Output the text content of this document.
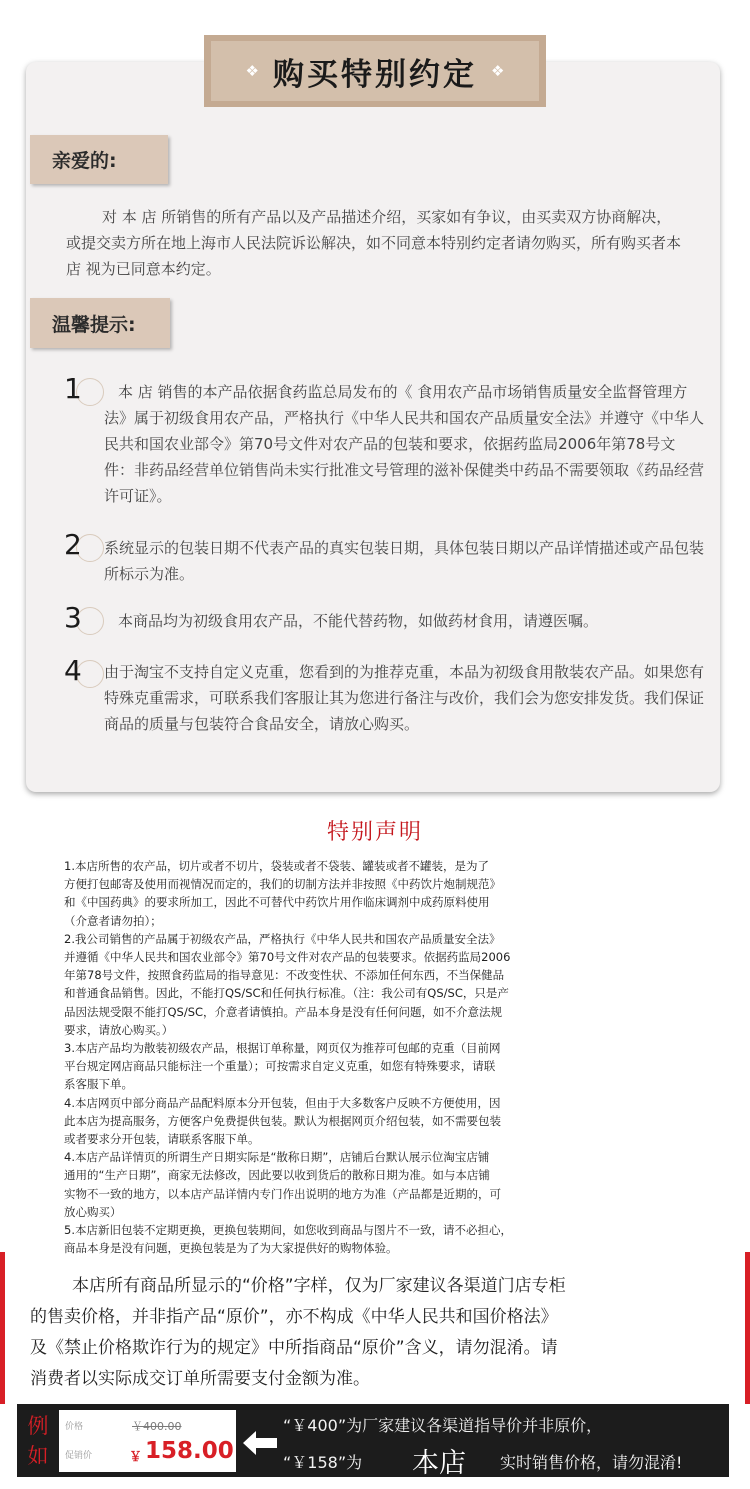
❖ 购买特别约定 ❖
亲爱的:
对 本 店 所销售的所有产品以及产品描述介绍，买家如有争议，由买卖双方协商解决，或提交卖方所在地上海市人民法院诉讼解决，如不同意本特别约定者请勿购买，所有购买者本 店 视为已同意本约定。
温馨提示:
1	本 店 销售的本产品依据食药监总局发布的《 食用农产品市场销售质量安全监督管理方法》属于初级食用农产品，严格执行《中华人民共和国农产品质量安全法》并遵守《中华人民共和国农业部令》第70号文件对农产品的包装和要求，依据药监局2006年第78号文件：非药品经营单位销售尚未实行批准文号管理的滋补保健类中药品不需要领取《药品经营许可证》。
2 系统显示的包装日期不代表产品的真实包装日期，具体包装日期以产品详情描述或产品包装所标示为准。
3	本商品均为初级食用农产品，不能代替药物，如做药材食用，请遵医嘱。
4 由于淘宝不支持自定义克重，您看到的为推荐克重，本品为初级食用散装农产品。如果您有特殊克重需求，可联系我们客服让其为您进行备注与改价，我们会为您安排发货。我们保证商品的质量与包装符合食品安全，请放心购买。
特别声明

1.本店所售的农产品，切片或者不切片，袋装或者不袋装、罐装或者不罐装，是为了

方便打包邮寄及使用而视情况而定的，我们的切制方法并非按照《中药饮片炮制规范》

和《中国药典》的要求所加工，因此不可替代中药饮片用作临床调剂中成药原料使用

（介意者请勿拍）；

2.我公司销售的产品属于初级农产品，严格执行《中华人民共和国农产品质量安全法》

并遵循《中华人民共和国农业部令》第70号文件对农产品的包装要求。依据药监局2006

年第78号文件，按照食药监局的指导意见：不改变性状、不添加任何东西，不当保健品

和普通食品销售。因此，不能打QS/SC和任何执行标准。（注：我公司有QS/SC，只是产

品因法规受限不能打QS/SC，介意者请慎拍。产品本身是没有任何问题，如不介意法规

要求，请放心购买。）

3.本店产品均为散装初级农产品，根据订单称量，网页仅为推荐可包邮的克重（目前网

平台规定网店商品只能标注一个重量）；可按需求自定义克重，如您有特殊要求，请联

系客服下单。

4.本店网页中部分商品产品配料原本分开包装，但由于大多数客户反映不方便使用，因

此本店为提高服务，方便客户免费提供包装。默认为根据网页介绍包装，如不需要包装

或者要求分开包装，请联系客服下单。

4.本店产品详情页的所谓生产日期实际是“散称日期”，店铺后台默认展示位淘宝店铺

通用的“生产日期”，商家无法修改，因此要以收到货后的散称日期为准。如与本店铺

实物不一致的地方，以本店产品详情内专门作出说明的地方为准（产品都是近期的，可

放心购买）

5.本店新旧包装不定期更换，更换包装期间，如您收到商品与图片不一致，请不必担心，

商品本身是没有问题，更换包装是为了为大家提供好的购物体验。

本店所有商品所显示的“价格”字样，仅为厂家建议各渠道门店专柜
的售卖价格，并非指产品“原价”，亦不构成《中华人民共和国价格法》
及《禁止价格欺诈行为的规定》中所指商品“原价”含义，请勿混淆。请
消费者以实际成交订单所需要支付金额为准。
例
如
价格	￥400.00
促销价	￥ 158.00
“￥400”为厂家建议各渠道指导价并非原价，
“￥158”为 本店 实时销售价格，请勿混淆!
